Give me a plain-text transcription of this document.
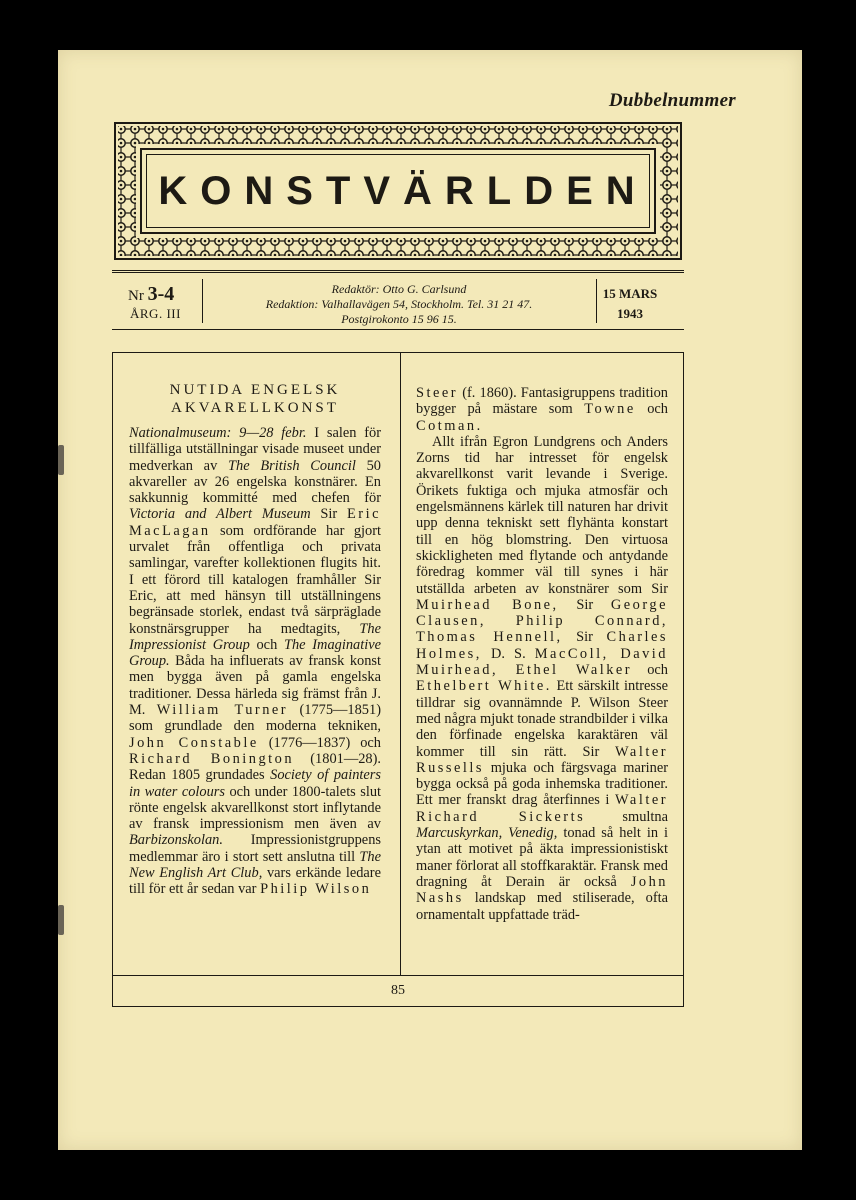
Dubbelnummer
KONSTVÄRLDEN
Nr 3-4
ÅRG. III
Redaktör: Otto G. Carlsund
Redaktion: Valhallavägen 54, Stockholm. Tel. 31 21 47.
Postgirokonto 15 96 15.
15 MARS
1943
NUTIDA ENGELSK
AKVARELLKONST

Nationalmuseum: 9—28 febr. I salen för tillfälliga utställningar visade museet under medverkan av The British Council 50 akvareller av 26 engelska konstnärer. En sakkunnig kommitté med chefen för Victoria and Albert Museum Sir Eric MacLagan som ordförande har gjort urvalet från offentliga och privata samlingar, varefter kollektionen flugits hit. I ett förord till katalogen framhåller Sir Eric, att med hänsyn till utställningens begränsade storlek, endast två särpräglade konstnärsgrupper ha medtagits, The Impressionist Group och The Imaginative Group. Båda ha influerats av fransk konst men bygga även på gamla engelska traditioner. Dessa härleda sig främst från J. M. William Turner (1775—1851) som grundlade den moderna tekniken, John Constable (1776—1837) och Richard Bonington (1801—28). Redan 1805 grundades Society of painters in water colours och under 1800-talets slut rönte engelsk akvarellkonst stort inflytande av fransk impressionism men även av Barbizonskolan. Impressionistgruppens medlemmar äro i stort sett anslutna till The New English Art Club, vars erkände ledare till för ett år sedan var Philip Wilson

Steer (f. 1860). Fantasigruppens tradition bygger på mästare som Towne och Cotman.

Allt ifrån Egron Lundgrens och Anders Zorns tid har intresset för engelsk akvarellkonst varit levande i Sverige. Örikets fuktiga och mjuka atmosfär och engelsmännens kärlek till naturen har drivit upp denna tekniskt sett flyhänta konstart till en hög blomstring. Den virtuosa skickligheten med flytande och antydande föredrag kommer väl till synes i här utställda arbeten av konstnärer som Sir Muirhead Bone, Sir George Clausen, Philip Connard, Thomas Hennell, Sir Charles Holmes, D. S. MacColl, David Muirhead, Ethel Walker och Ethelbert White. Ett särskilt intresse tilldrar sig ovannämnde P. Wilson Steer med några mjukt tonade strandbilder i vilka den förfinade engelska karaktären väl kommer till sin rätt. Sir Walter Russells mjuka och färgsvaga mariner bygga också på goda inhemska traditioner. Ett mer franskt drag återfinnes i Walter Richard Sickerts smultna Marcuskyrkan, Venedig, tonad så helt in i ytan att motivet på äkta impressionistiskt maner förlorat all stoffkaraktär. Fransk med dragning åt Derain är också John Nashs landskap med stiliserade, ofta ornamentalt uppfattade träd-

85
